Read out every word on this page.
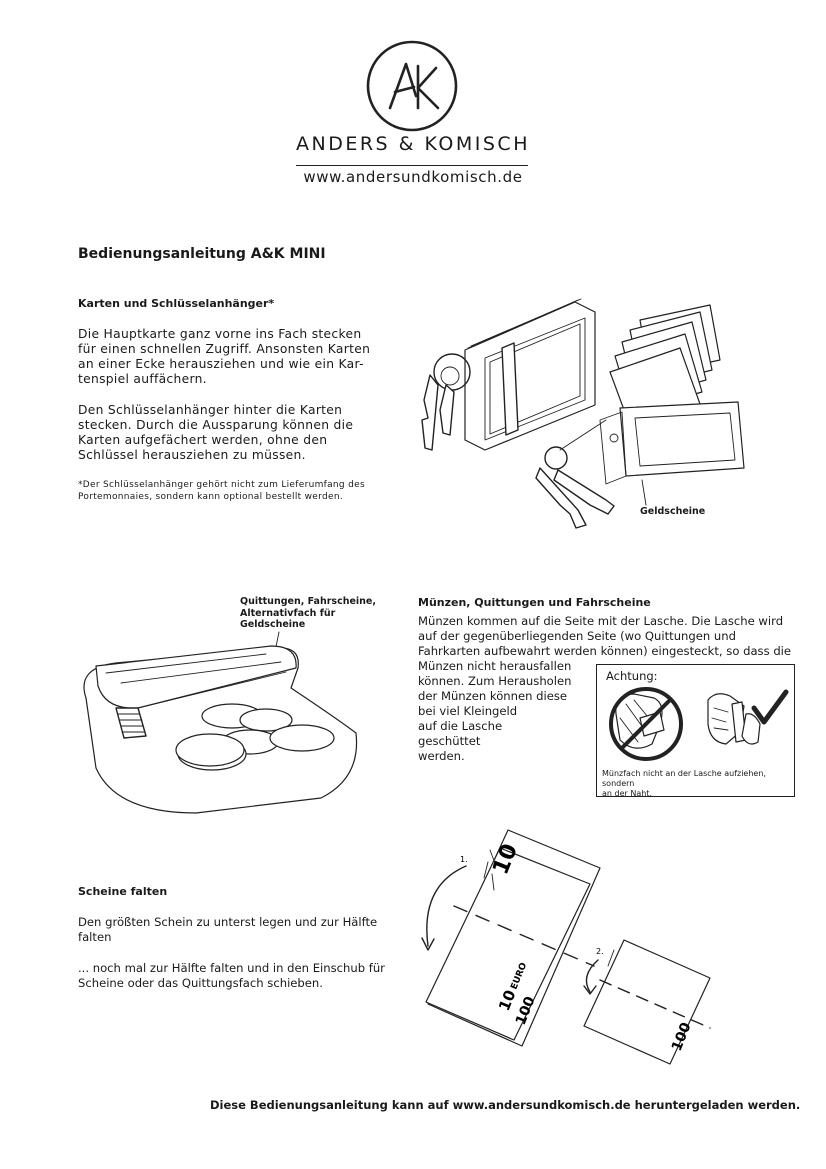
ANDERS & KOMISCH
www.andersundkomisch.de
Bedienungsanleitung A&K MINI
Karten und Schlüsselanhänger*
Die Hauptkarte ganz vorne ins Fach stecken
für einen schnellen Zugriff. Ansonsten Karten
an einer Ecke herausziehen und wie ein Kar-
tenspiel auffächern.
Den Schlüsselanhänger hinter die Karten
stecken. Durch die Aussparung können die
Karten aufgefächert werden, ohne den
Schlüssel herausziehen zu müssen.
*Der Schlüsselanhänger gehört nicht zum Lieferumfang des
Portemonnaies, sondern kann optional bestellt werden.
Geldscheine
Quittungen, Fahrscheine,
Alternativfach für
Geldscheine
Münzen, Quittungen und Fahrscheine
Münzen kommen auf die Seite mit der Lasche. Die Lasche wird
auf der gegenüberliegenden Seite (wo Quittungen und
Fahrkarten aufbewahrt werden können) eingesteckt, so dass die
Münzen nicht herausfallen
können. Zum Herausholen
der Münzen können diese
bei viel Kleingeld
auf die Lasche
geschüttet
werden.
Achtung:
Münzfach nicht an der Lasche aufziehen, sondern
an der Naht.
Scheine falten
Den größten Schein zu unterst legen und zur Hälfte
falten
... noch mal zur Hälfte falten und in den Einschub für
Scheine oder das Quittungsfach schieben.
1. 10
10
EURO
100
2.
100
Diese Bedienungsanleitung kann auf www.andersundkomisch.de heruntergeladen werden.
